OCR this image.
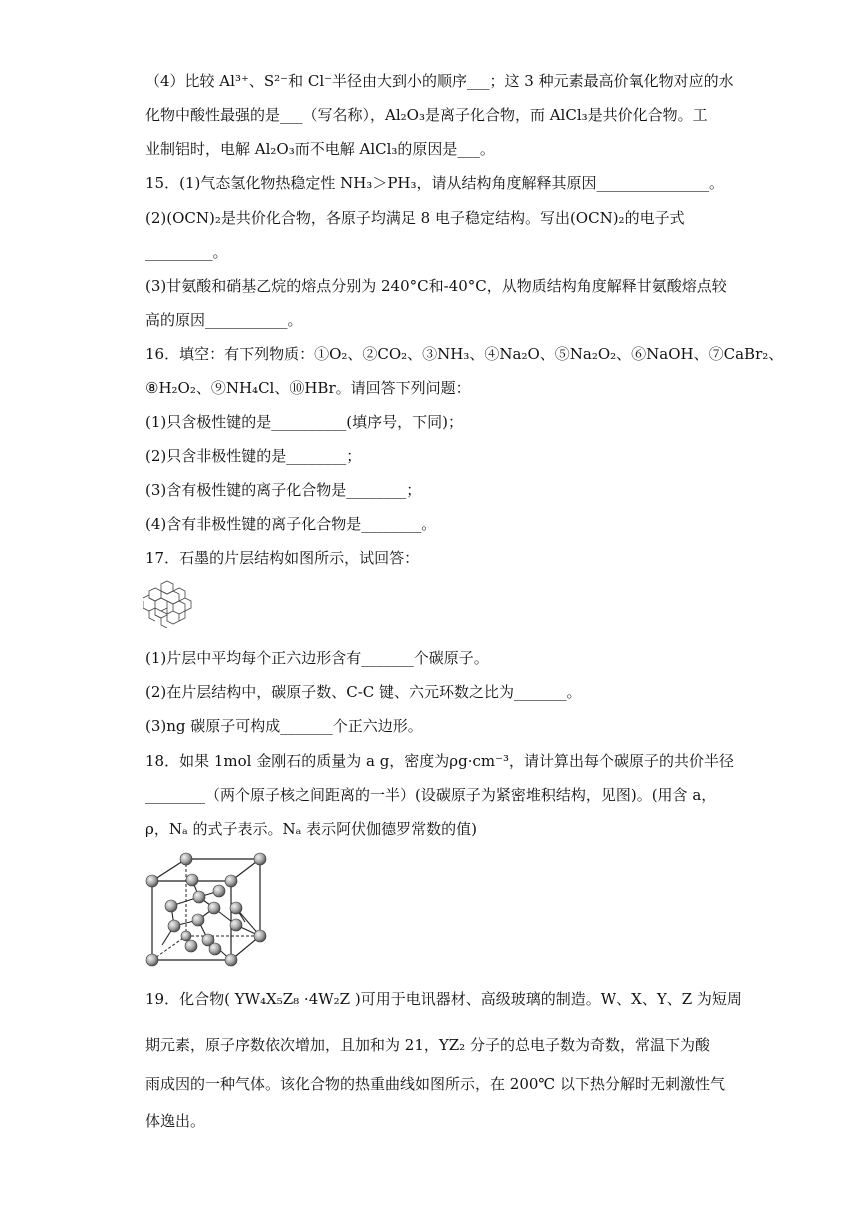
（4）比较 Al³⁺、S²⁻和 Cl⁻半径由大到小的顺序___；这 3 种元素最高价氧化物对应的水
化物中酸性最强的是___（写名称），Al₂O₃是离子化合物，而 AlCl₃是共价化合物。工
业制铝时，电解 Al₂O₃而不电解 AlCl₃的原因是___。
15．(1)气态氢化物热稳定性 NH₃＞PH₃，请从结构角度解释其原因_______________。
(2)(OCN)₂是共价化合物，各原子均满足 8 电子稳定结构。写出(OCN)₂的电子式
_________。
(3)甘氨酸和硝基乙烷的熔点分别为 240°C和-40°C，从物质结构角度解释甘氨酸熔点较
高的原因___________。
16．填空：有下列物质：①O₂、②CO₂、③NH₃、④Na₂O、⑤Na₂O₂、⑥NaOH、⑦CaBr₂、
⑧H₂O₂、⑨NH₄Cl、⑩HBr。请回答下列问题：
(1)只含极性键的是__________(填序号，下同)；
(2)只含非极性键的是________；
(3)含有极性键的离子化合物是________；
(4)含有非极性键的离子化合物是________。
17．石墨的片层结构如图所示，试回答：
(1)片层中平均每个正六边形含有_______个碳原子。
(2)在片层结构中，碳原子数、C-C 键、六元环数之比为_______。
(3)ng 碳原子可构成_______个正六边形。
18．如果 1mol 金刚石的质量为 a g，密度为ρg·cm⁻³，请计算出每个碳原子的共价半径
________（两个原子核之间距离的一半）(设碳原子为紧密堆积结构，见图)。(用含 a，
ρ，Nₐ 的式子表示。Nₐ 表示阿伏伽德罗常数的值)
19．化合物( YW₄X₅Z₈ ·4W₂Z )可用于电讯器材、高级玻璃的制造。W、X、Y、Z 为短周
期元素，原子序数依次增加，且加和为 21，YZ₂ 分子的总电子数为奇数，常温下为酸
雨成因的一种气体。该化合物的热重曲线如图所示，在 200℃ 以下热分解时无刺激性气
体逸出。
